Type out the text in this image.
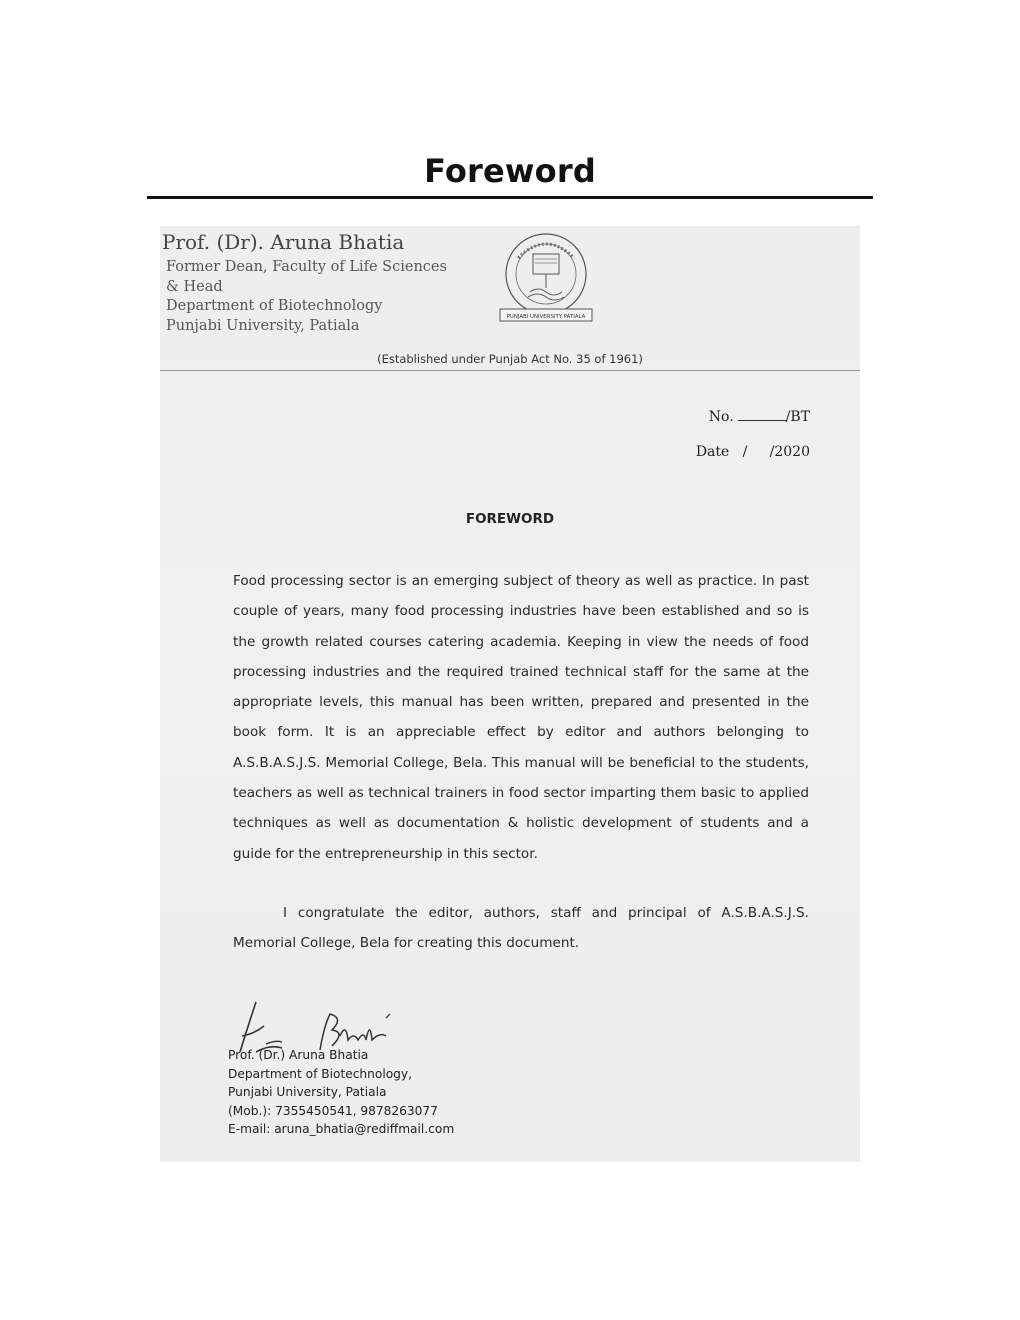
Foreword
Prof. (Dr). Aruna Bhatia
Former Dean, Faculty of Life Sciences
& Head
Department of Biotechnology
Punjabi University, Patiala
PUNJABI UNIVERSITY PATIALA
(Established under Punjab Act No. 35 of 1961)
No.	/BT
Date / /2020
FOREWORD

Food processing sector is an emerging subject of theory as well as practice. In past couple of years, many food processing industries have been established and so is the growth related courses catering academia. Keeping in view the needs of food processing industries and the required trained technical staff for the same at the appropriate levels, this manual has been written, prepared and presented in the book form. It is an appreciable effect by editor and authors belonging to A.S.B.A.S.J.S. Memorial College, Bela. This manual will be beneficial to the students, teachers as well as technical trainers in food sector imparting them basic to applied techniques as well as documentation & holistic development of students and a guide for the entrepreneurship in this sector.

I congratulate the editor, authors, staff and principal of A.S.B.A.S.J.S. Memorial College, Bela for creating this document.

Prof. (Dr.) Aruna Bhatia
Department of Biotechnology,
Punjabi University, Patiala
(Mob.): 7355450541, 9878263077
E-mail: aruna_bhatia@rediffmail.com
